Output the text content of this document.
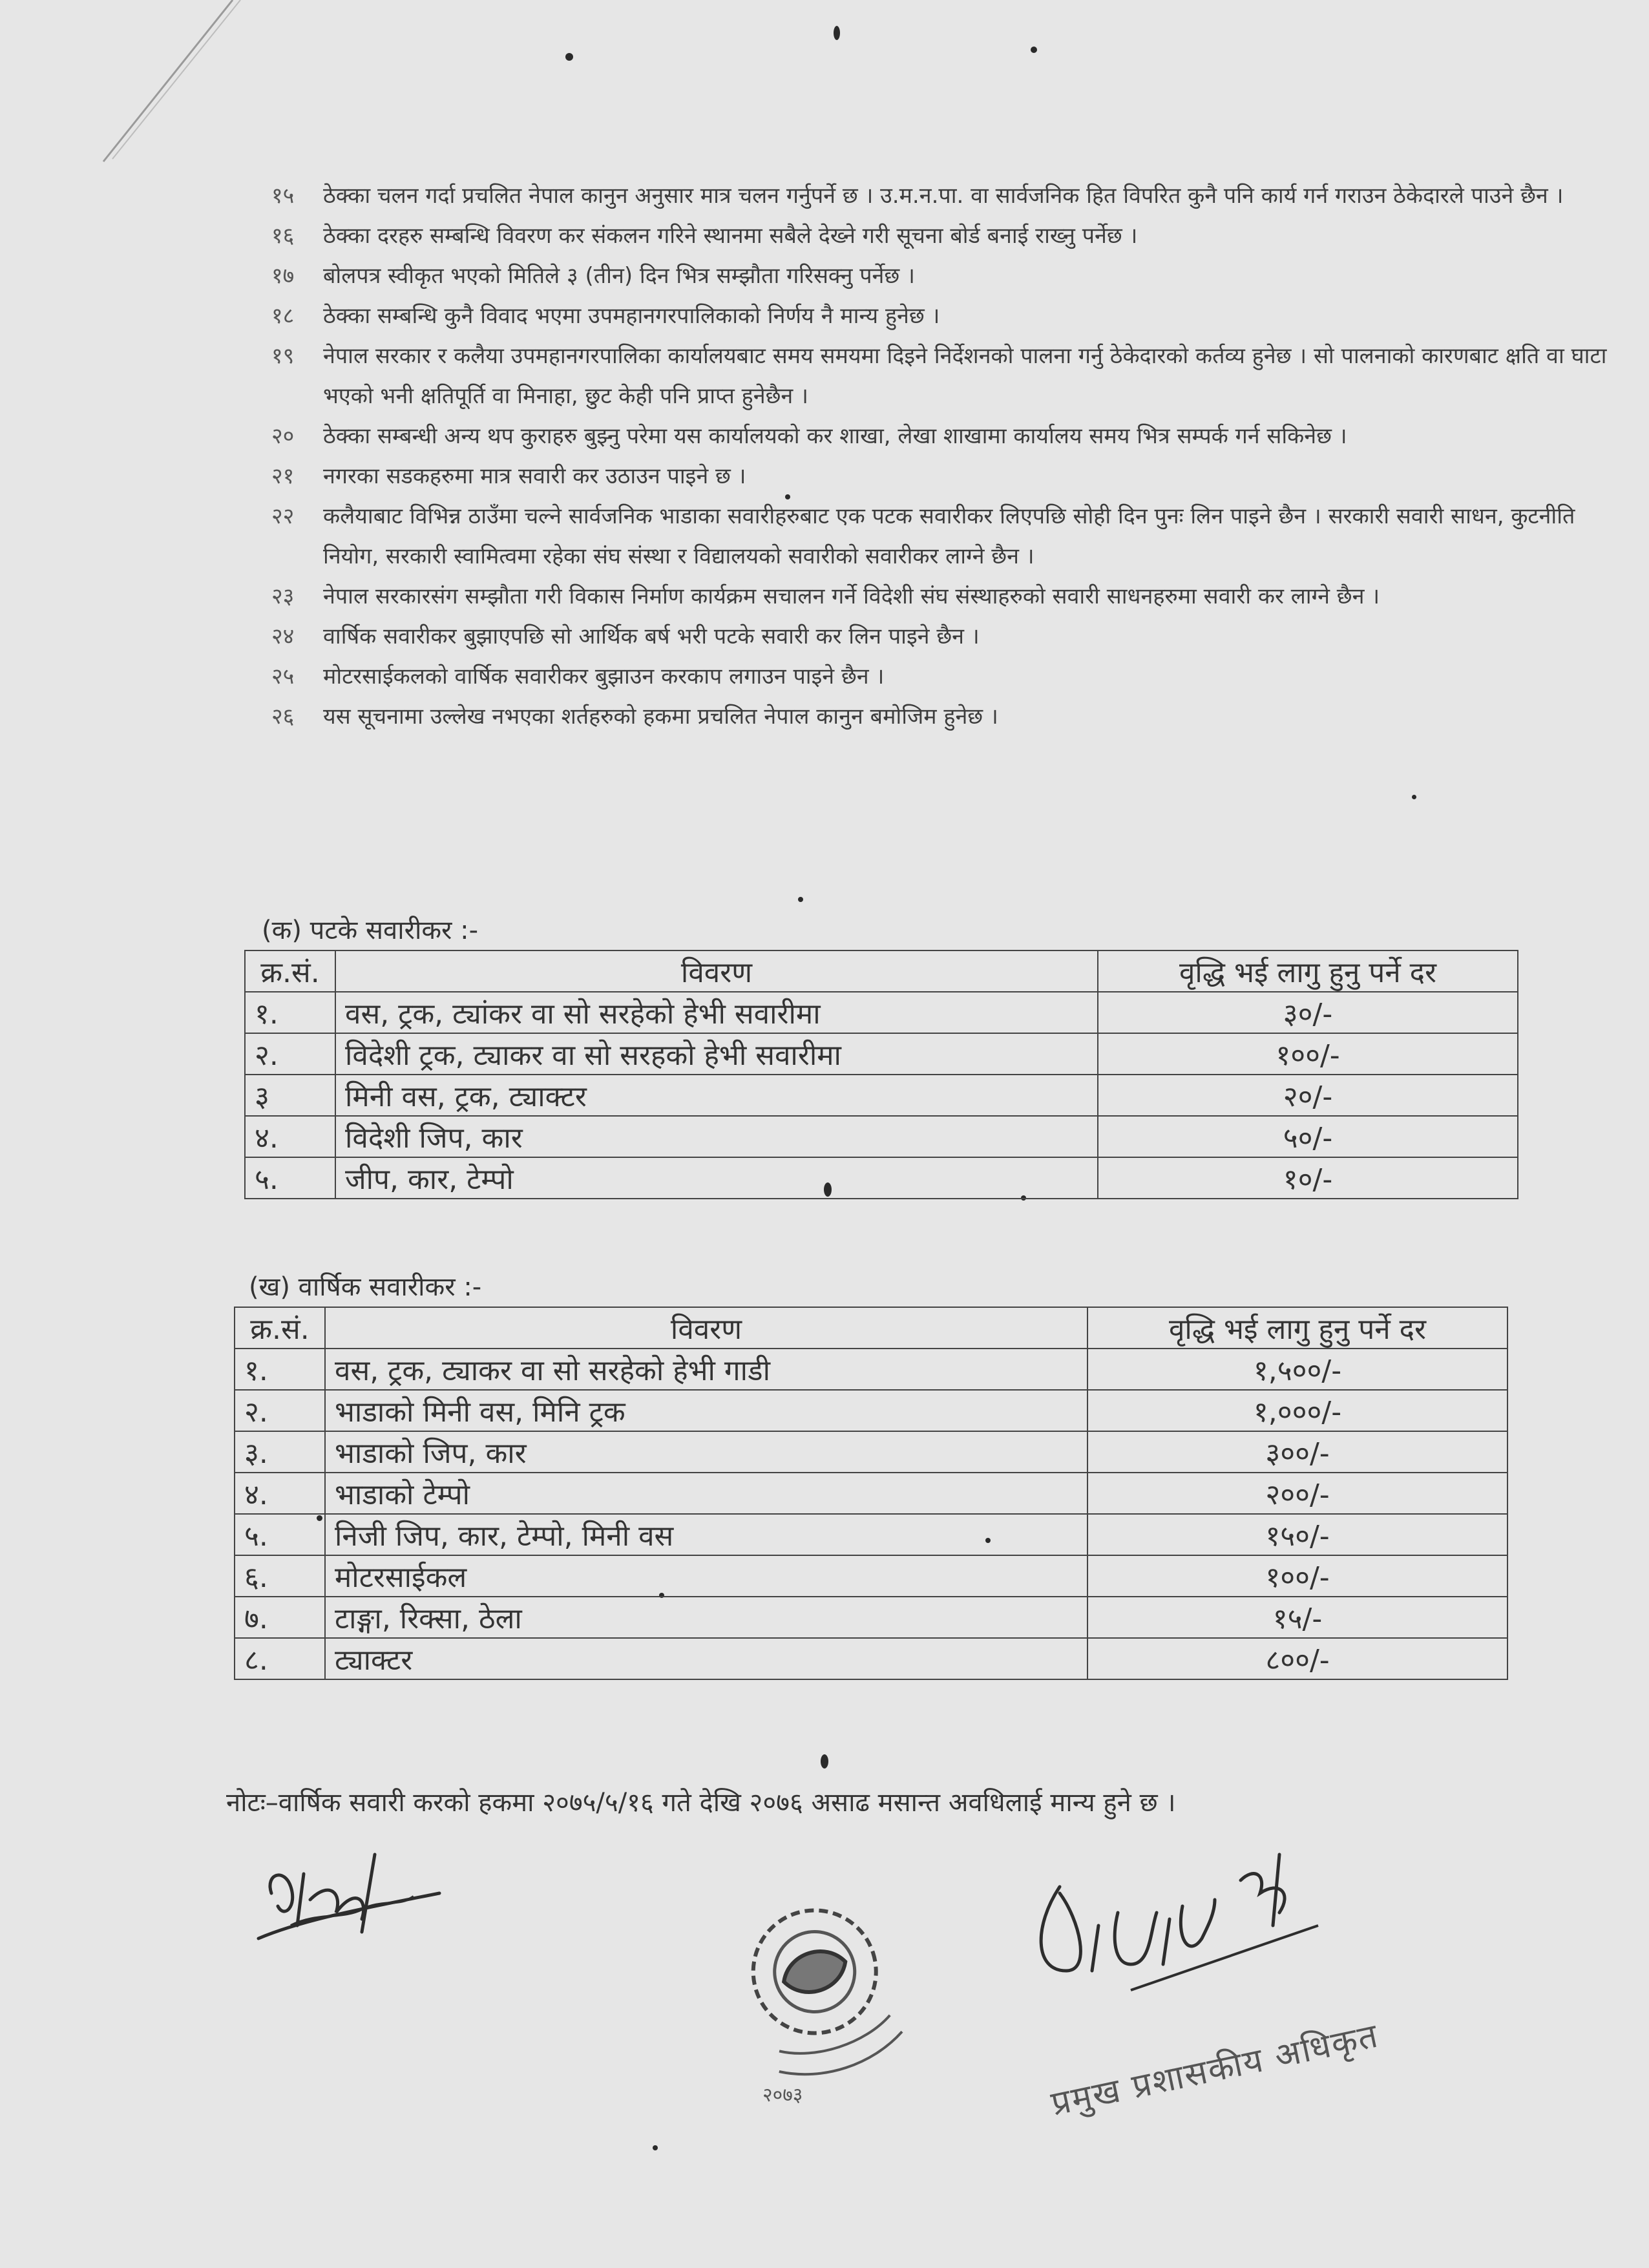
१५	ठेक्का चलन गर्दा प्रचलित नेपाल कानुन अनुसार मात्र चलन गर्नुपर्ने छ । उ.म.न.पा. वा सार्वजनिक हित विपरित कुनै पनि कार्य गर्न गराउन ठेकेदारले पाउने छैन ।
१६	ठेक्का दरहरु सम्बन्धि विवरण कर संकलन गरिने स्थानमा सबैले देख्ने गरी सूचना बोर्ड बनाई राख्नु पर्नेछ ।
१७	बोलपत्र स्वीकृत भएको मितिले ३ (तीन) दिन भित्र सम्झौता गरिसक्नु पर्नेछ ।
१८	ठेक्का सम्बन्धि कुनै विवाद भएमा उपमहानगरपालिकाको निर्णय नै मान्य हुनेछ ।
१९	नेपाल सरकार र कलैया उपमहानगरपालिका कार्यालयबाट समय समयमा दिइने निर्देशनको पालना गर्नु ठेकेदारको कर्तव्य हुनेछ । सो पालनाको कारणबाट क्षति वा घाटा भएको भनी क्षतिपूर्ति वा मिनाहा, छुट केही पनि प्राप्त हुनेछैन ।
२०	ठेक्का सम्बन्धी अन्य थप कुराहरु बुझ्नु परेमा यस कार्यालयको कर शाखा, लेखा शाखामा कार्यालय समय भित्र सम्पर्क गर्न सकिनेछ ।
२१	नगरका सडकहरुमा मात्र सवारी कर उठाउन पाइने छ ।
२२	कलैयाबाट विभिन्न ठाउँमा चल्ने सार्वजनिक भाडाका सवारीहरुबाट एक पटक सवारीकर लिएपछि सोही दिन पुनः लिन पाइने छैन । सरकारी सवारी साधन, कुटनीति नियोग, सरकारी स्वामित्वमा रहेका संघ संस्था र विद्यालयको सवारीको सवारीकर लाग्ने छैन ।
२३	नेपाल सरकारसंग सम्झौता गरी विकास निर्माण कार्यक्रम सचालन गर्ने विदेशी संघ संस्थाहरुको सवारी साधनहरुमा सवारी कर लाग्ने छैन ।
२४	वार्षिक सवारीकर बुझाएपछि सो आर्थिक बर्ष भरी पटके सवारी कर लिन पाइने छैन ।
२५	मोटरसाईकलको वार्षिक सवारीकर बुझाउन करकाप लगाउन पाइने छैन ।
२६	यस सूचनामा उल्लेख नभएका शर्तहरुको हकमा प्रचलित नेपाल कानुन बमोजिम हुनेछ ।
(क) पटके सवारीकर :-
क्र.सं.	विवरण	वृद्धि भई लागु हुनु पर्ने दर
१.	वस, ट्रक, ट्यांकर वा सो सरहेको हेभी सवारीमा	३०/-
२.	विदेशी ट्रक, ट्याकर वा सो सरहको हेभी सवारीमा	१००/-
३	मिनी वस, ट्रक, ट्याक्टर	२०/-
४.	विदेशी जिप, कार	५०/-
५.	जीप, कार, टेम्पो	१०/-
(ख) वार्षिक सवारीकर :-
क्र.सं.	विवरण	वृद्धि भई लागु हुनु पर्ने दर
१.	वस, ट्रक, ट्याकर वा सो सरहेको हेभी गाडी	१,५००/-
२.	भाडाको मिनी वस, मिनि ट्रक	१,०००/-
३.	भाडाको जिप, कार	३००/-
४.	भाडाको टेम्पो	२००/-
५.	निजी जिप, कार, टेम्पो, मिनी वस	१५०/-
६.	मोटरसाईकल	१००/-
७.	टाङ्गा, रिक्सा, ठेला	१५/-
८.	ट्याक्टर	८००/-
नोटः–वार्षिक सवारी करको हकमा २०७५/५/१६ गते देखि २०७६ असाढ मसान्त अवधिलाई मान्य हुने छ ।
२०७३	प्रमुख प्रशासकीय अधिकृत
